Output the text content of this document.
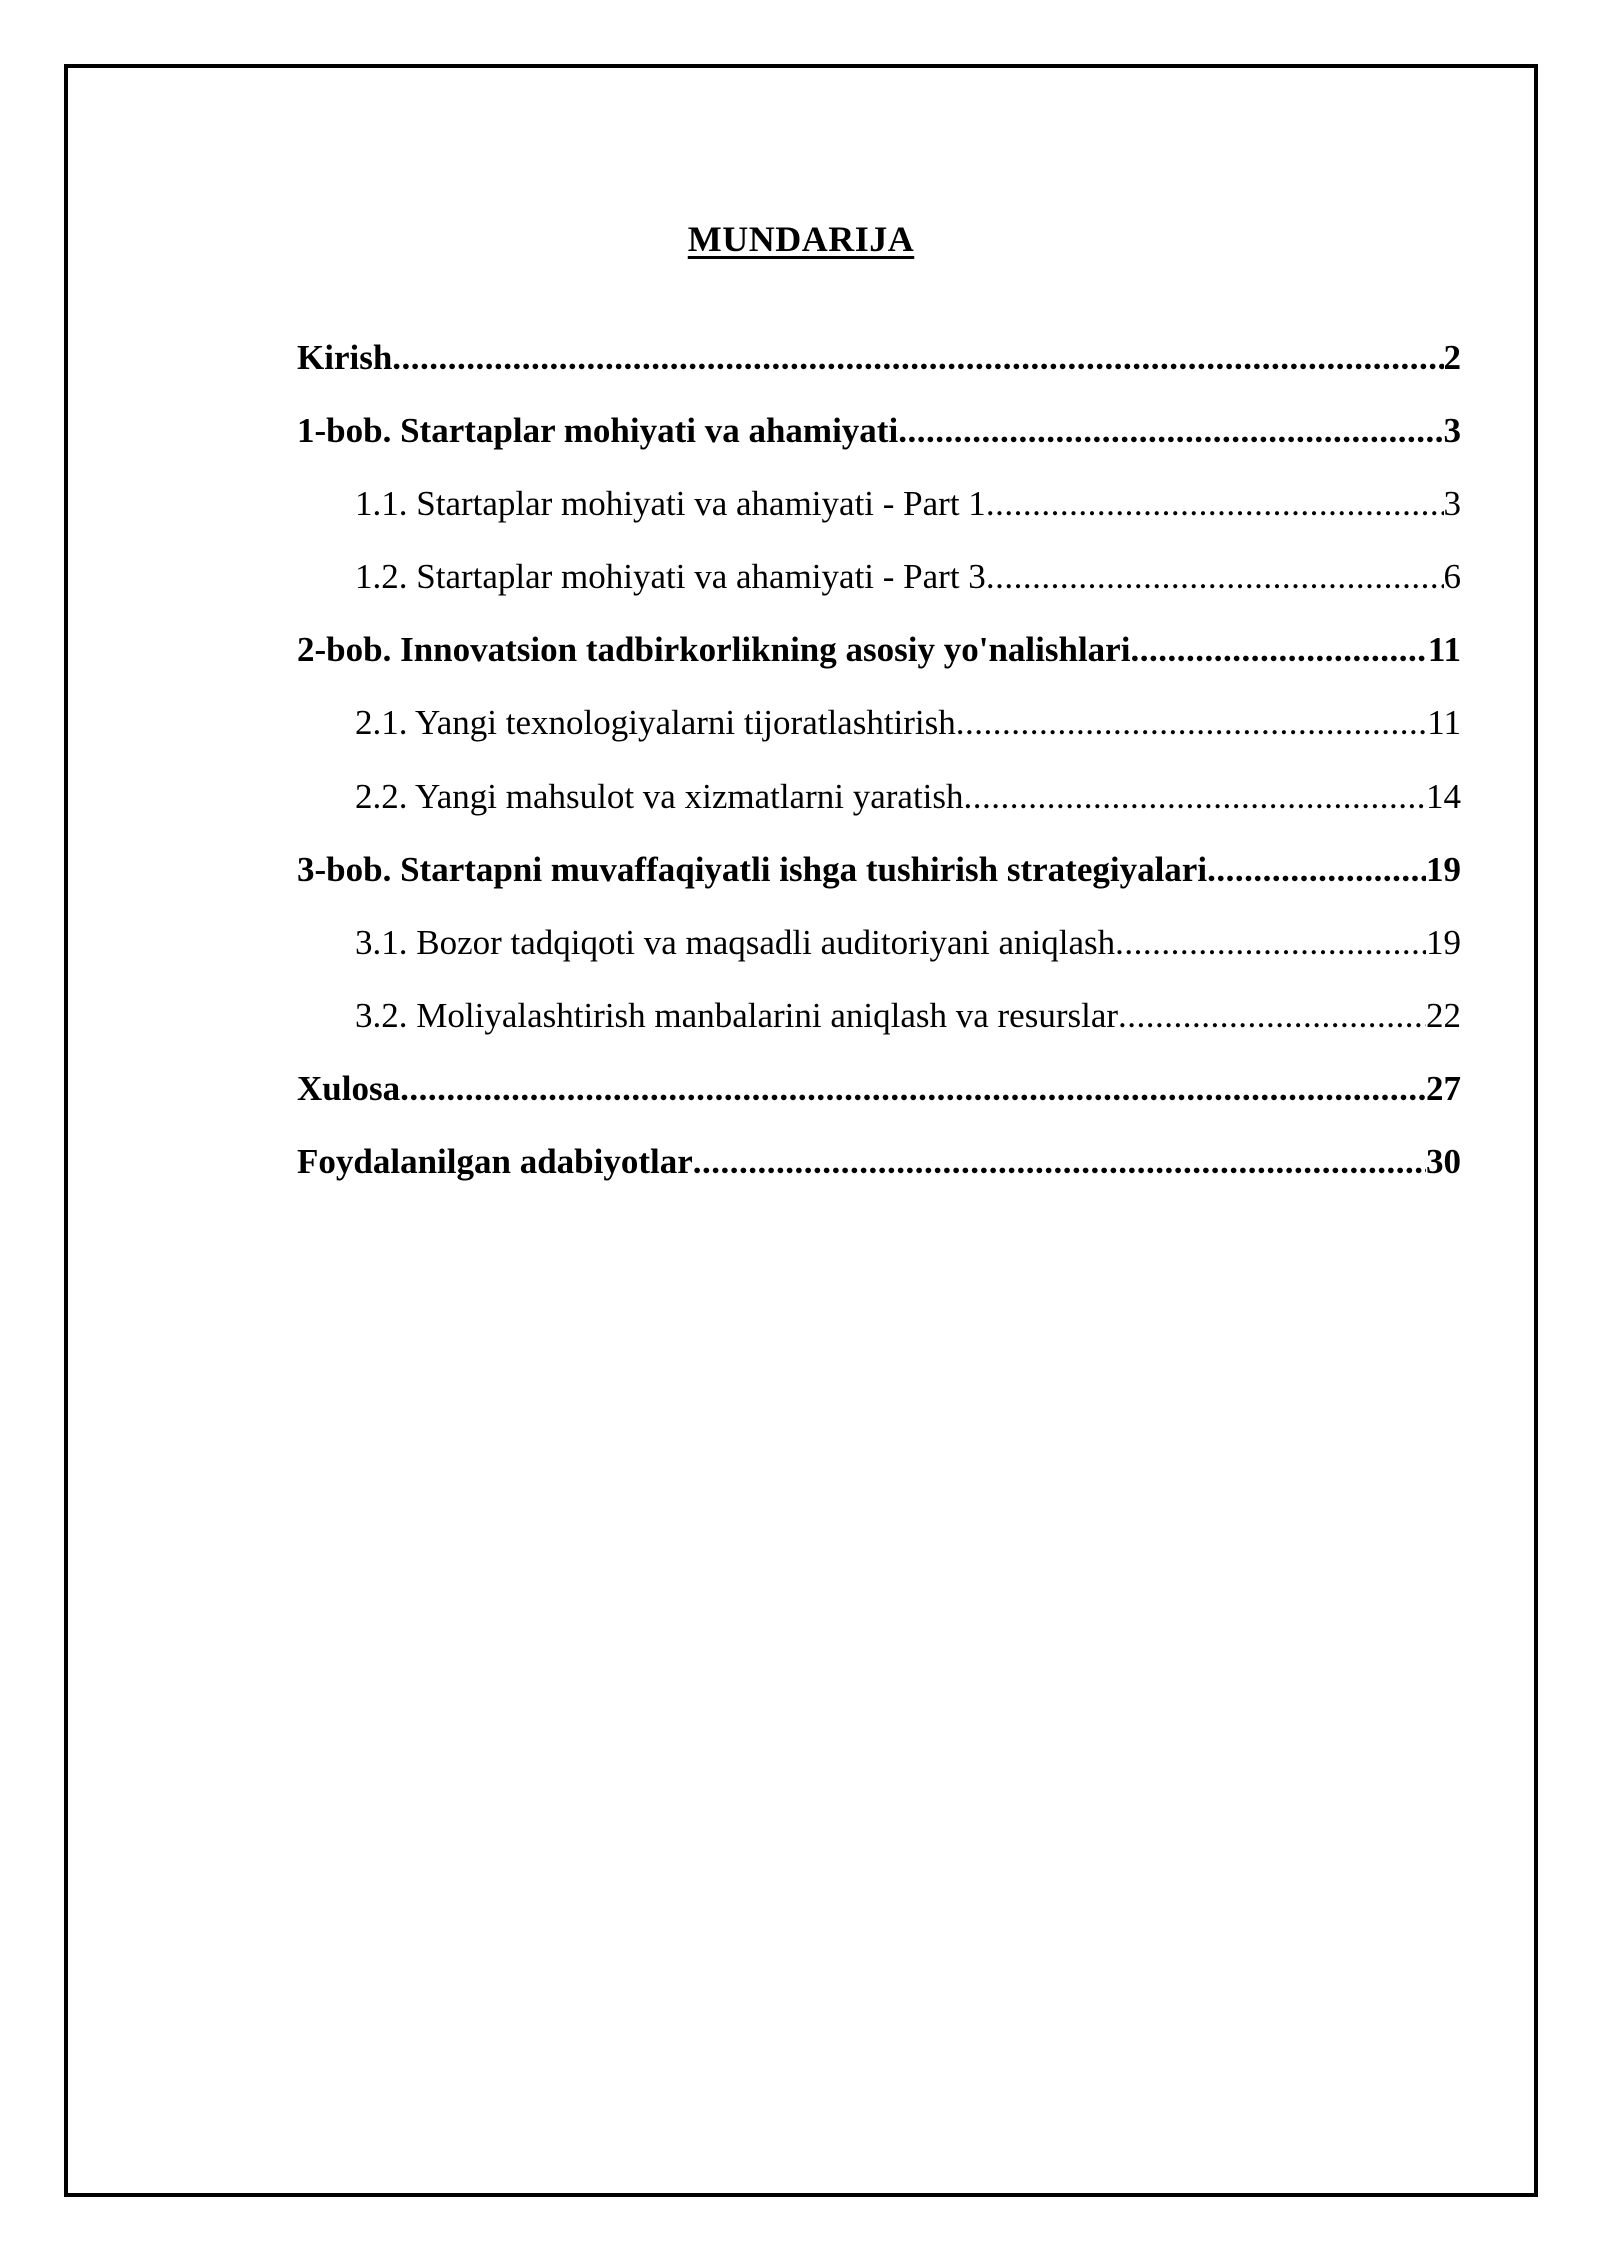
MUNDARIJA
Kirish .....	2
1-bob. Startaplar mohiyati va ahamiyati .....	3
1.1. Startaplar mohiyati va ahamiyati - Part 1 .....	3
1.2. Startaplar mohiyati va ahamiyati - Part 3 .....	6
2-bob. Innovatsion tadbirkorlikning asosiy yo'nalishlari .....	11
2.1. Yangi texnologiyalarni tijoratlashtirish .....	11
2.2. Yangi mahsulot va xizmatlarni yaratish .....	14
3-bob. Startapni muvaffaqiyatli ishga tushirish strategiyalari .....	19
3.1. Bozor tadqiqoti va maqsadli auditoriyani aniqlash .....	19
3.2. Moliyalashtirish manbalarini aniqlash va resurslar .....	22
Xulosa .....	27
Foydalanilgan adabiyotlar .....	30
